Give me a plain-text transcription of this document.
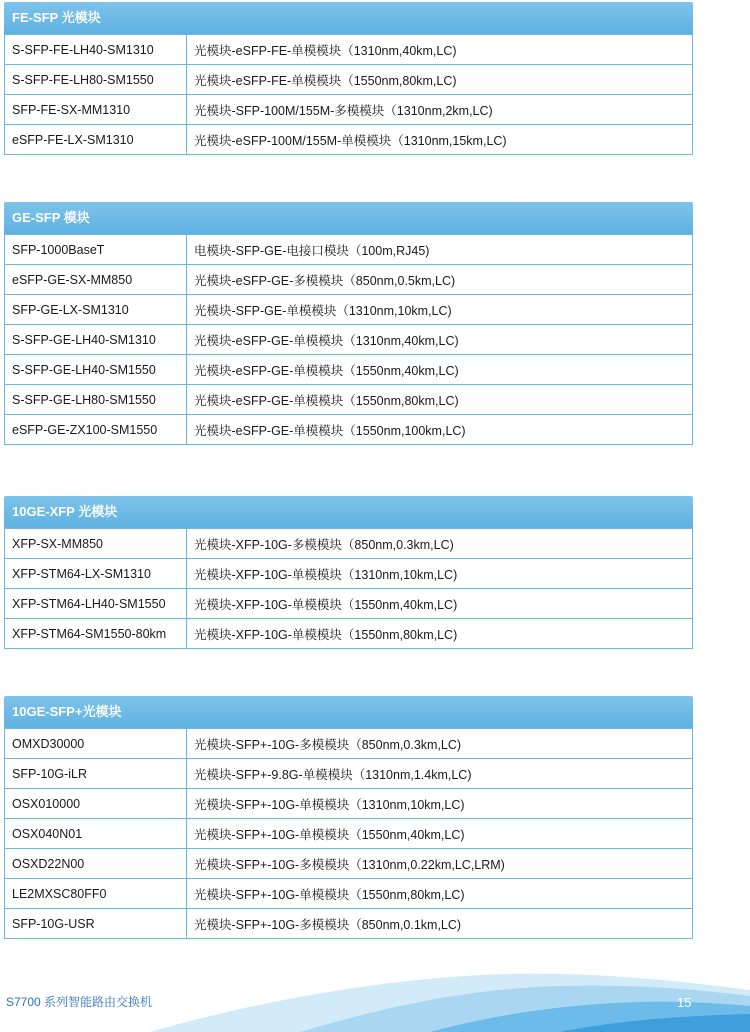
FE-SFP 光模块
S-SFP-FE-LH40-SM1310	光模块-eSFP-FE-单模模块（1310nm,40km,LC)
S-SFP-FE-LH80-SM1550	光模块-eSFP-FE-单模模块（1550nm,80km,LC)
SFP-FE-SX-MM1310	光模块-SFP-100M/155M-多模模块（1310nm,2km,LC)
eSFP-FE-LX-SM1310	光模块-eSFP-100M/155M-单模模块（1310nm,15km,LC)
GE-SFP 模块
SFP-1000BaseT	电模块-SFP-GE-电接口模块（100m,RJ45)
eSFP-GE-SX-MM850	光模块-eSFP-GE-多模模块（850nm,0.5km,LC)
SFP-GE-LX-SM1310	光模块-SFP-GE-单模模块（1310nm,10km,LC)
S-SFP-GE-LH40-SM1310	光模块-eSFP-GE-单模模块（1310nm,40km,LC)
S-SFP-GE-LH40-SM1550	光模块-eSFP-GE-单模模块（1550nm,40km,LC)
S-SFP-GE-LH80-SM1550	光模块-eSFP-GE-单模模块（1550nm,80km,LC)
eSFP-GE-ZX100-SM1550	光模块-eSFP-GE-单模模块（1550nm,100km,LC)
10GE-XFP 光模块
XFP-SX-MM850	光模块-XFP-10G-多模模块（850nm,0.3km,LC)
XFP-STM64-LX-SM1310	光模块-XFP-10G-单模模块（1310nm,10km,LC)
XFP-STM64-LH40-SM1550	光模块-XFP-10G-单模模块（1550nm,40km,LC)
XFP-STM64-SM1550-80km	光模块-XFP-10G-单模模块（1550nm,80km,LC)
10GE-SFP+光模块
OMXD30000	光模块-SFP+-10G-多模模块（850nm,0.3km,LC)
SFP-10G-iLR	光模块-SFP+-9.8G-单模模块（1310nm,1.4km,LC)
OSX010000	光模块-SFP+-10G-单模模块（1310nm,10km,LC)
OSX040N01	光模块-SFP+-10G-单模模块（1550nm,40km,LC)
OSXD22N00	光模块-SFP+-10G-多模模块（1310nm,0.22km,LC,LRM)
LE2MXSC80FF0	光模块-SFP+-10G-单模模块（1550nm,80km,LC)
SFP-10G-USR	光模块-SFP+-10G-多模模块（850nm,0.1km,LC)
S7700 系列智能路由交换机	15
